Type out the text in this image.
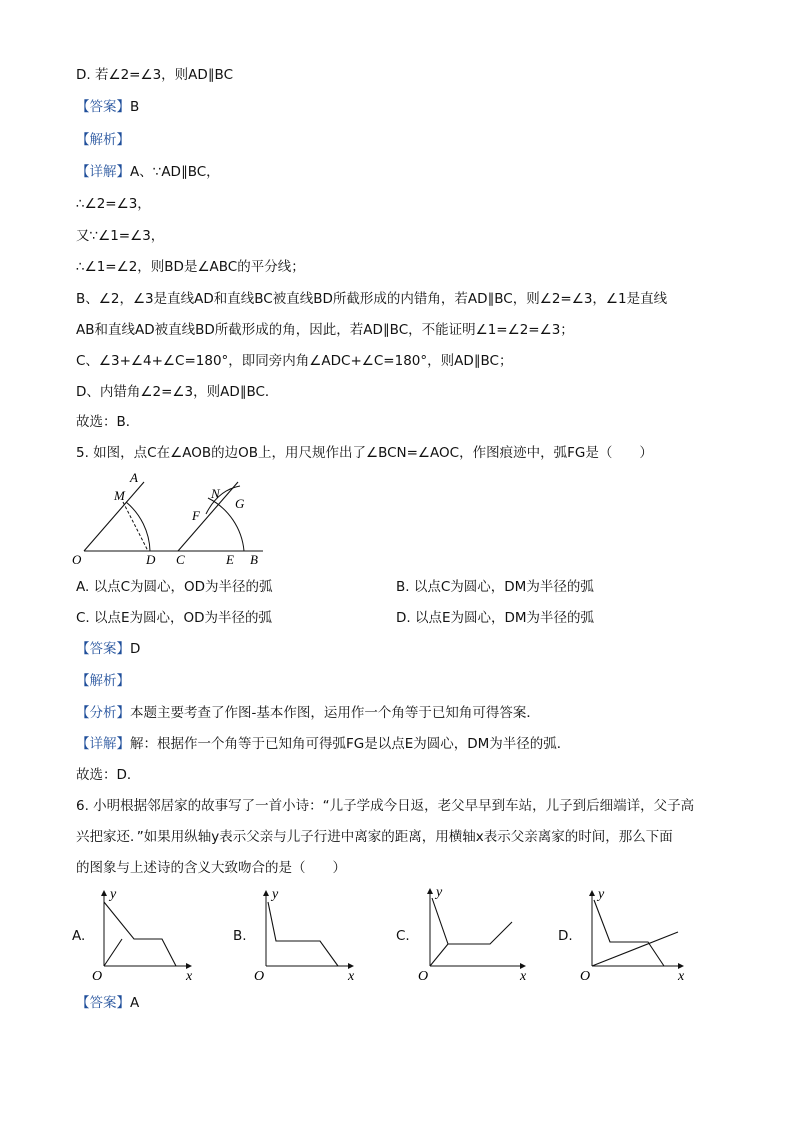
D. 若∠2=∠3，则AD∥BC
【答案】B
【解析】
【详解】A、∵AD∥BC，
∴∠2=∠3，
又∵∠1=∠3，
∴∠1=∠2，则BD是∠ABC的平分线；
B、∠2，∠3是直线AD和直线BC被直线BD所截形成的内错角，若AD∥BC，则∠2=∠3，∠1是直线
AB和直线AD被直线BD所截形成的角，因此，若AD∥BC，不能证明∠1=∠2=∠3；
C、∠3+∠4+∠C=180°，即同旁内角∠ADC+∠C=180°，则AD∥BC；
D、内错角∠2=∠3，则AD∥BC．
故选：B．
5. 如图，点C在∠AOB的边OB上，用尺规作出了∠BCN=∠AOC，作图痕迹中，弧FG是（　　）
A
M
O	D C
N
F
G
E B
A. 以点C为圆心，OD为半径的弧	B. 以点C为圆心，DM为半径的弧
C. 以点E为圆心，OD为半径的弧	D. 以点E为圆心，DM为半径的弧
【答案】D
【解析】
【分析】本题主要考查了作图-基本作图，运用作一个角等于已知角可得答案．
【详解】解：根据作一个角等于已知角可得弧FG是以点E为圆心，DM为半径的弧．
故选：D．
6. 小明根据邻居家的故事写了一首小诗：“儿子学成今日返，老父早早到车站，儿子到后细端详，父子高
兴把家还．”如果用纵轴y表示父亲与儿子行进中离家的距离，用横轴x表示父亲离家的时间，那么下面
的图象与上述诗的含义大致吻合的是（　　）
A.
y
x
O
B.
y
x
O
C.
y
x
O
D.
y
x
O
【答案】A
